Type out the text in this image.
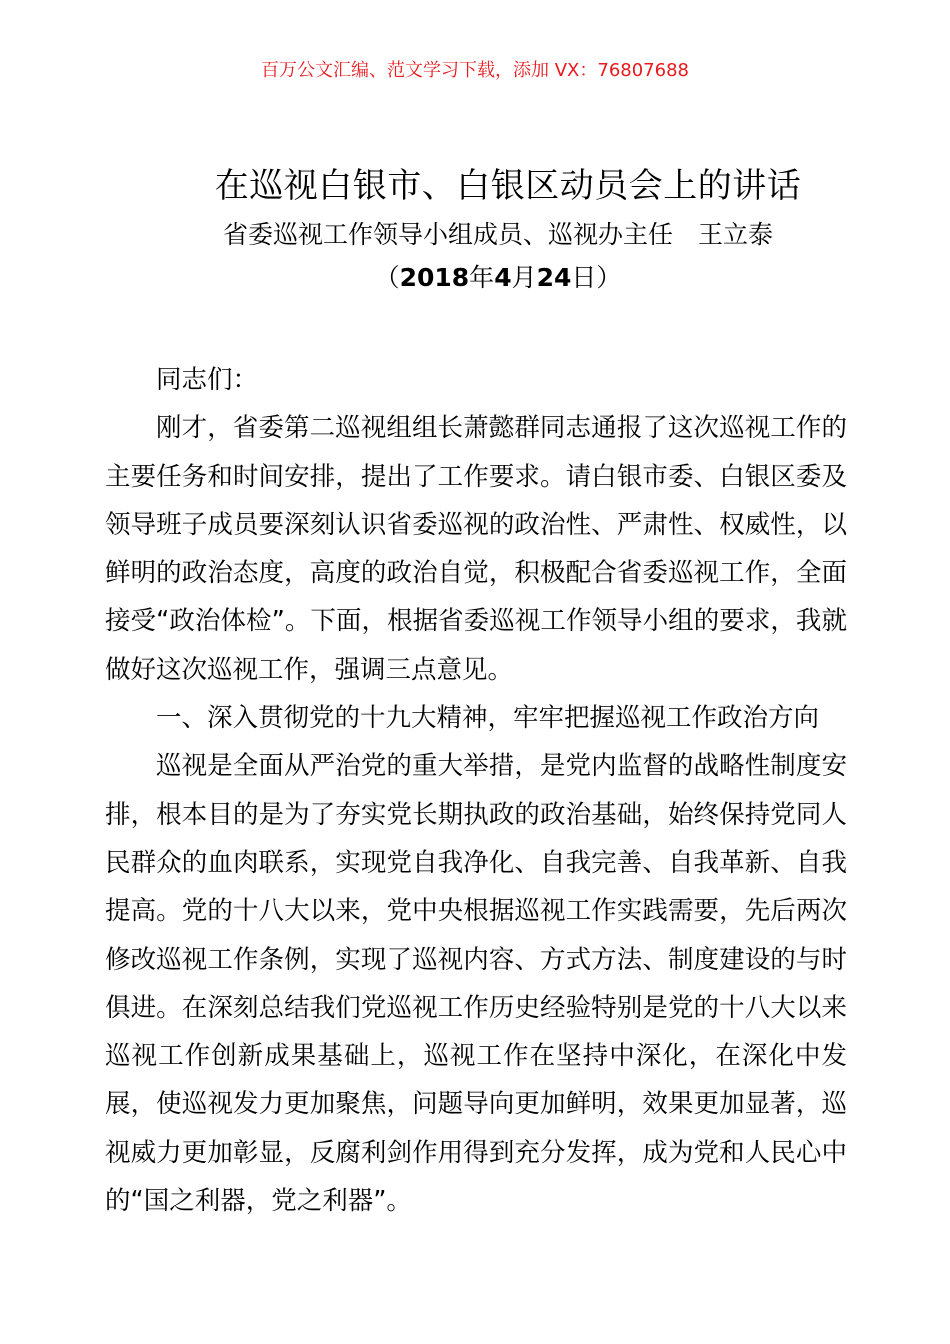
百万公文汇编、范文学习下载，添加 VX：76807688
在巡视白银市、白银区动员会上的讲话
省委巡视工作领导小组成员、巡视办主任　王立泰
（2018年4月24日）

同志们：

刚才，省委第二巡视组组长萧懿群同志通报了这次巡视工作的主要任务和时间安排，提出了工作要求。请白银市委、白银区委及领导班子成员要深刻认识省委巡视的政治性、严肃性、权威性，以鲜明的政治态度，高度的政治自觉，积极配合省委巡视工作，全面接受“政治体检”。下面，根据省委巡视工作领导小组的要求，我就做好这次巡视工作，强调三点意见。

一、深入贯彻党的十九大精神，牢牢把握巡视工作政治方向

巡视是全面从严治党的重大举措，是党内监督的战略性制度安排，根本目的是为了夯实党长期执政的政治基础，始终保持党同人民群众的血肉联系，实现党自我净化、自我完善、自我革新、自我提高。党的十八大以来，党中央根据巡视工作实践需要，先后两次修改巡视工作条例，实现了巡视内容、方式方法、制度建设的与时俱进。在深刻总结我们党巡视工作历史经验特别是党的十八大以来巡视工作创新成果基础上，巡视工作在坚持中深化，在深化中发展，使巡视发力更加聚焦，问题导向更加鲜明，效果更加显著，巡视威力更加彰显，反腐利剑作用得到充分发挥，成为党和人民心中的“国之利器，党之利器”。
